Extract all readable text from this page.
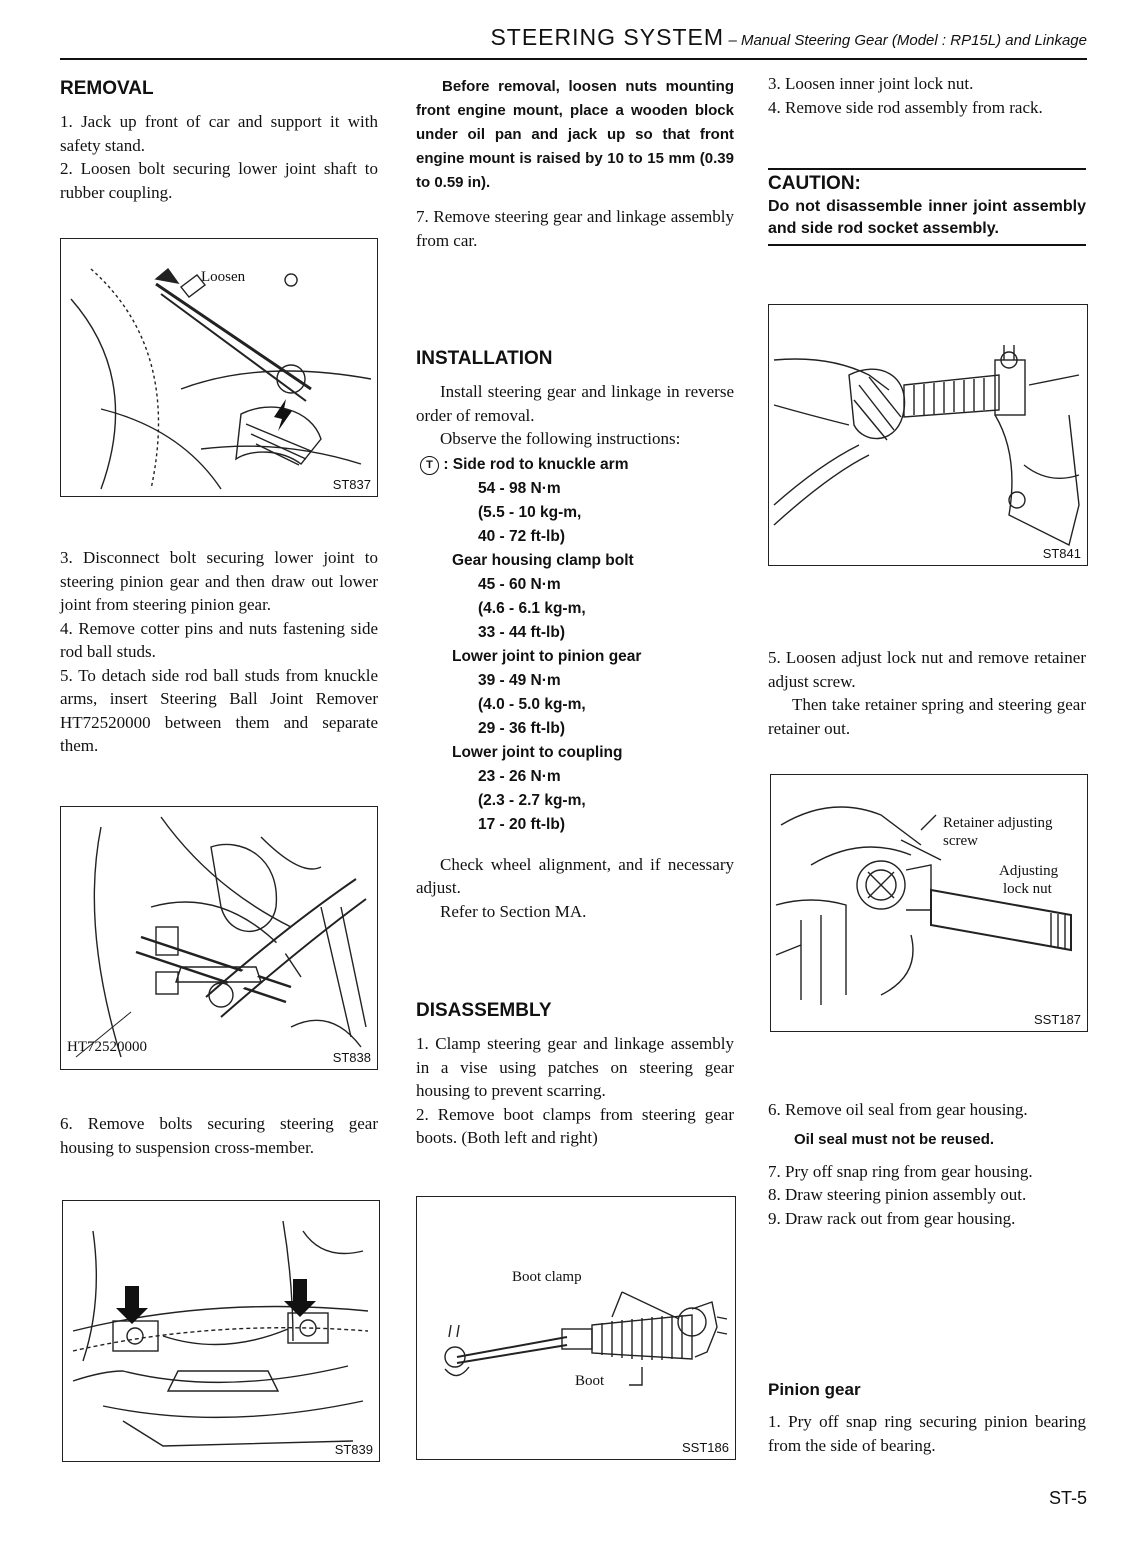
STEERING SYSTEM – Manual Steering Gear (Model : RP15L) and Linkage
REMOVAL
1. Jack up front of car and support it with safety stand.
2. Loosen bolt securing lower joint shaft to rubber coupling.
Loosen
ST837
3. Disconnect bolt securing lower joint to steering pinion gear and then draw out lower joint from steering pinion gear.
4. Remove cotter pins and nuts fastening side rod ball studs.
5. To detach side rod ball studs from knuckle arms, insert Steering Ball Joint Remover HT72520000 between them and separate them.
HT72520000
ST838
6. Remove bolts securing steering gear housing to suspension cross-member.
ST839
Before removal, loosen nuts mounting front engine mount, place a wooden block under oil pan and jack up so that front engine mount is raised by 10 to 15 mm (0.39 to 0.59 in).
7. Remove steering gear and linkage assembly from car.
INSTALLATION
Install steering gear and linkage in reverse order of removal.
Observe the following instructions:
T : Side rod to knuckle arm
54 - 98 N·m
(5.5 - 10 kg-m,
40 - 72 ft-lb)
Gear housing clamp bolt
45 - 60 N·m
(4.6 - 6.1 kg-m,
33 - 44 ft-lb)
Lower joint to pinion gear
39 - 49 N·m
(4.0 - 5.0 kg-m,
29 - 36 ft-lb)
Lower joint to coupling
23 - 26 N·m
(2.3 - 2.7 kg-m,
17 - 20 ft-lb)
Check wheel alignment, and if necessary adjust.
Refer to Section MA.
DISASSEMBLY
1. Clamp steering gear and linkage assembly in a vise using patches on steering gear housing to prevent scarring.
2. Remove boot clamps from steering gear boots. (Both left and right)
Boot clamp
Boot
SST186
3. Loosen inner joint lock nut.
4. Remove side rod assembly from rack.
CAUTION:
Do not disassemble inner joint assembly and side rod socket assembly.
ST841
5. Loosen adjust lock nut and remove retainer adjust screw.
Then take retainer spring and steering gear retainer out.
Retainer adjusting
screw
Adjusting
lock nut
SST187
6. Remove oil seal from gear housing.
Oil seal must not be reused.
7. Pry off snap ring from gear housing.
8. Draw steering pinion assembly out.
9. Draw rack out from gear housing.
Pinion gear
1. Pry off snap ring securing pinion bearing from the side of bearing.
ST-5
